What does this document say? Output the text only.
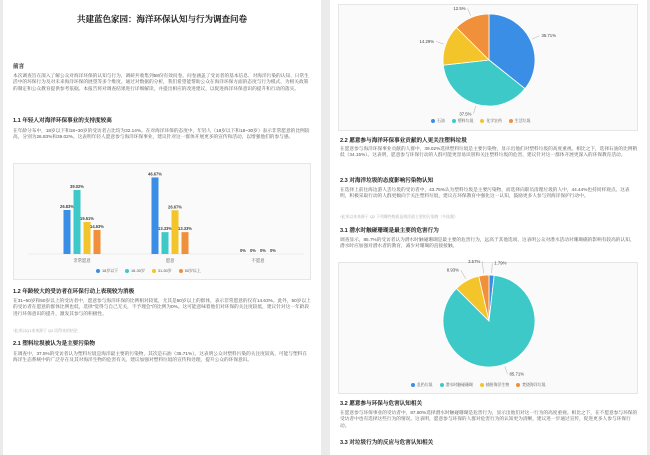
共建蓝色家园：海洋环保认知与行为调查问卷
前言
本次调查旨在深入了解公众对海洋环保的认知与行为，调研共收集到58份有效问卷。问卷涵盖了受访者的基本信息、对海洋污染的认知、日常生活中的环保行为及对未来海洋环保的展望等多个维度。通过对数据的分析，我们希望能帮助公众在海洋环保方面的态度与行为模式，为相关政策的制定和公众教育提供参考依据。本报告将对调查结果进行详细解读，并提出相应的改进建议，以促进海洋环保意识的提升和行动的落实。
1.1 年轻人对海洋环保事业的支持度较高
在年龄分布中，18岁以下和18~30岁的受访者占比均为32.14%。在对海洋环保的态度中，年轻人（18岁以下和18~30岁）表示非常愿意的比例较高，分别为26.83%和39.02%。这表明年轻人愿意参与海洋环保事业，建议针对这一群体开展更多的宣传和活动，以增强他们的参与感。
26.83%
39.02%
19.51%
14.63%
非常愿意
46.67%
13.33%
26.67%
13.33%
愿意
0% 0% 0% 0%
不愿意
18岁以下	18-30岁	31-50岁	50岁以上
1.2 年龄较大的受访者在环保行动上表现较为消极
在31~50岁和50岁以上的受访者中，愿意参与海洋环保的比例相对较低，尤其是50岁以上的群体，表示非常愿意的仅有14.63%。此外，50岁以上的受访者在愿意的群体比例也低，选择"觉得与自己无关，不予理会"的比例为0%。这可能意味着他们对环保的关注度较低，建议针对这一年龄段进行环保意识的提升，激发其参与的积极性。
*此项以Q1来来源于 Q2 而得来的结论
2.1 塑料垃圾被认为是主要污染物
在调查中，37.5%的受访者认为塑料垃圾是海洋最主要的污染物，其次是石油（35.71%）。这表明公众对塑料污染的关注度较高，可能与塑料在海洋生态系统中的广泛存在及其对海洋生物的危害有关。建议加强对塑料垃圾的宣传和处理，提升公众的环保意识。
35.71%
37.5%
14.29%
12.5%
石油	塑料垃圾	化学农药	生活垃圾
2.2 愿意参与海洋环保事业贡献的人更关注塑料垃圾
在愿意参与海洋环保事业贡献的人群中，39.02%选择塑料垃圾是主要污染物，显示出他们对塑料垃圾的高度重视。相比之下，选择石油的比例稍低（34.15%）。这表明，愿意参与环保行动的人群可能更容易识别和关注塑料垃圾的危害，建议针对这一群体开展更深入的环保教育活动。
2.3 对海洋垃圾的态度影响污染物认知
在选择上前往海边游人丢垃圾的受访者中，43.75%认为塑料垃圾是主要污染物，而选择向职员清理垃圾的人中，44.44%也持同样观点。这表明，积极采取行动的人群更倾向于关注塑料垃圾，建议在环保教育中强化这一认知，鼓励更多人参与到海洋保护行动中。
*此项以来来源于 Q2 下列哪些物质是海洋最主要的污染物（多选题）
3.1 潜水时触碰珊瑚是最主要的危害行为
调查显示，85.7%的受访者认为潜水时触碰珊瑚是最主要的危害行为，远高于其他选项，这表明公众对潜水活动对珊瑚礁的影响有较高的认知，潜水时应加强对潜水者的教育，减少对珊瑚的直接接触。
1.79%
85.71%
8.93%
3.57%
乱扔垃圾	潜水时触碰珊瑚	捕捞海洋生物	焚烧海洋垃圾
3.2 愿意参与环保与危害认知相关
在愿意参与环保事业的受访者中，87.80%选择潜水时触碰珊瑚是危害行为，显示出他们对这一行为的高度重视。相比之下，在不愿意参与环保的受访者中也有选择这些行为的情况。这表明，愿意参与环保的人群对危害行为的认知更为清晰，建议进一步通过宣传，促进更多人参与环保行动。
3.3 对垃圾行为的反应与危害认知相关
